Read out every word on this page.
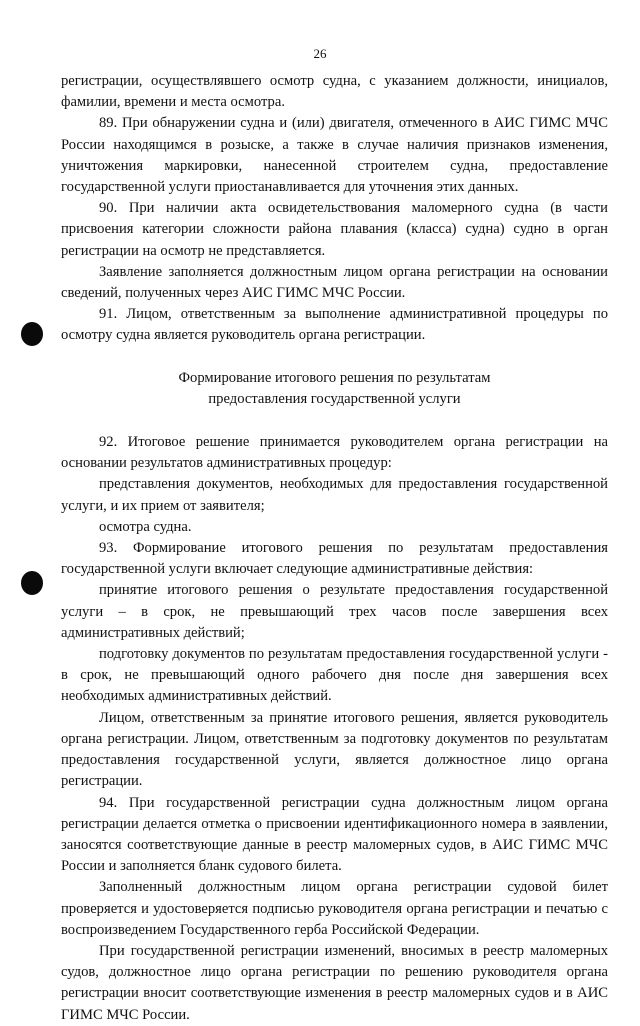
26

регистрации, осуществлявшего осмотр судна, с указанием должности, инициалов, фамилии, времени и места осмотра.

89. При обнаружении судна и (или) двигателя, отмеченного в АИС ГИМС МЧС России находящимся в розыске, а также в случае наличия признаков изменения, уничтожения маркировки, нанесенной строителем судна, предоставление государственной услуги приостанавливается для уточнения этих данных.

90. При наличии акта освидетельствования маломерного судна (в части присвоения категории сложности района плавания (класса) судна) судно в орган регистрации на осмотр не представляется.

Заявление заполняется должностным лицом органа регистрации на основании сведений, полученных через АИС ГИМС МЧС России.

91. Лицом, ответственным за выполнение административной процедуры по осмотру судна является руководитель органа регистрации.

Формирование итогового решения по результатам
предоставления государственной услуги

92. Итоговое решение принимается руководителем органа регистрации на основании результатов административных процедур:

представления документов, необходимых для предоставления государственной услуги, и их прием от заявителя;

осмотра судна.

93. Формирование итогового решения по результатам предоставления государственной услуги включает следующие административные действия:

принятие итогового решения о результате предоставления государственной услуги – в срок, не превышающий трех часов после завершения всех административных действий;

подготовку документов по результатам предоставления государственной услуги - в срок, не превышающий одного рабочего дня после дня завершения всех необходимых административных действий.

Лицом, ответственным за принятие итогового решения, является руководитель органа регистрации. Лицом, ответственным за подготовку документов по результатам предоставления государственной услуги, является должностное лицо органа регистрации.

94. При государственной регистрации судна должностным лицом органа регистрации делается отметка о присвоении идентификационного номера в заявлении, заносятся соответствующие данные в реестр маломерных судов, в АИС ГИМС МЧС России и заполняется бланк судового билета.

Заполненный должностным лицом органа регистрации судовой билет проверяется и удостоверяется подписью руководителя органа регистрации и печатью с воспроизведением Государственного герба Российской Федерации.

При государственной регистрации изменений, вносимых в реестр маломерных судов, должностное лицо органа регистрации по решению руководителя органа регистрации вносит соответствующие изменения в реестр маломерных судов и в АИС ГИМС МЧС России.
